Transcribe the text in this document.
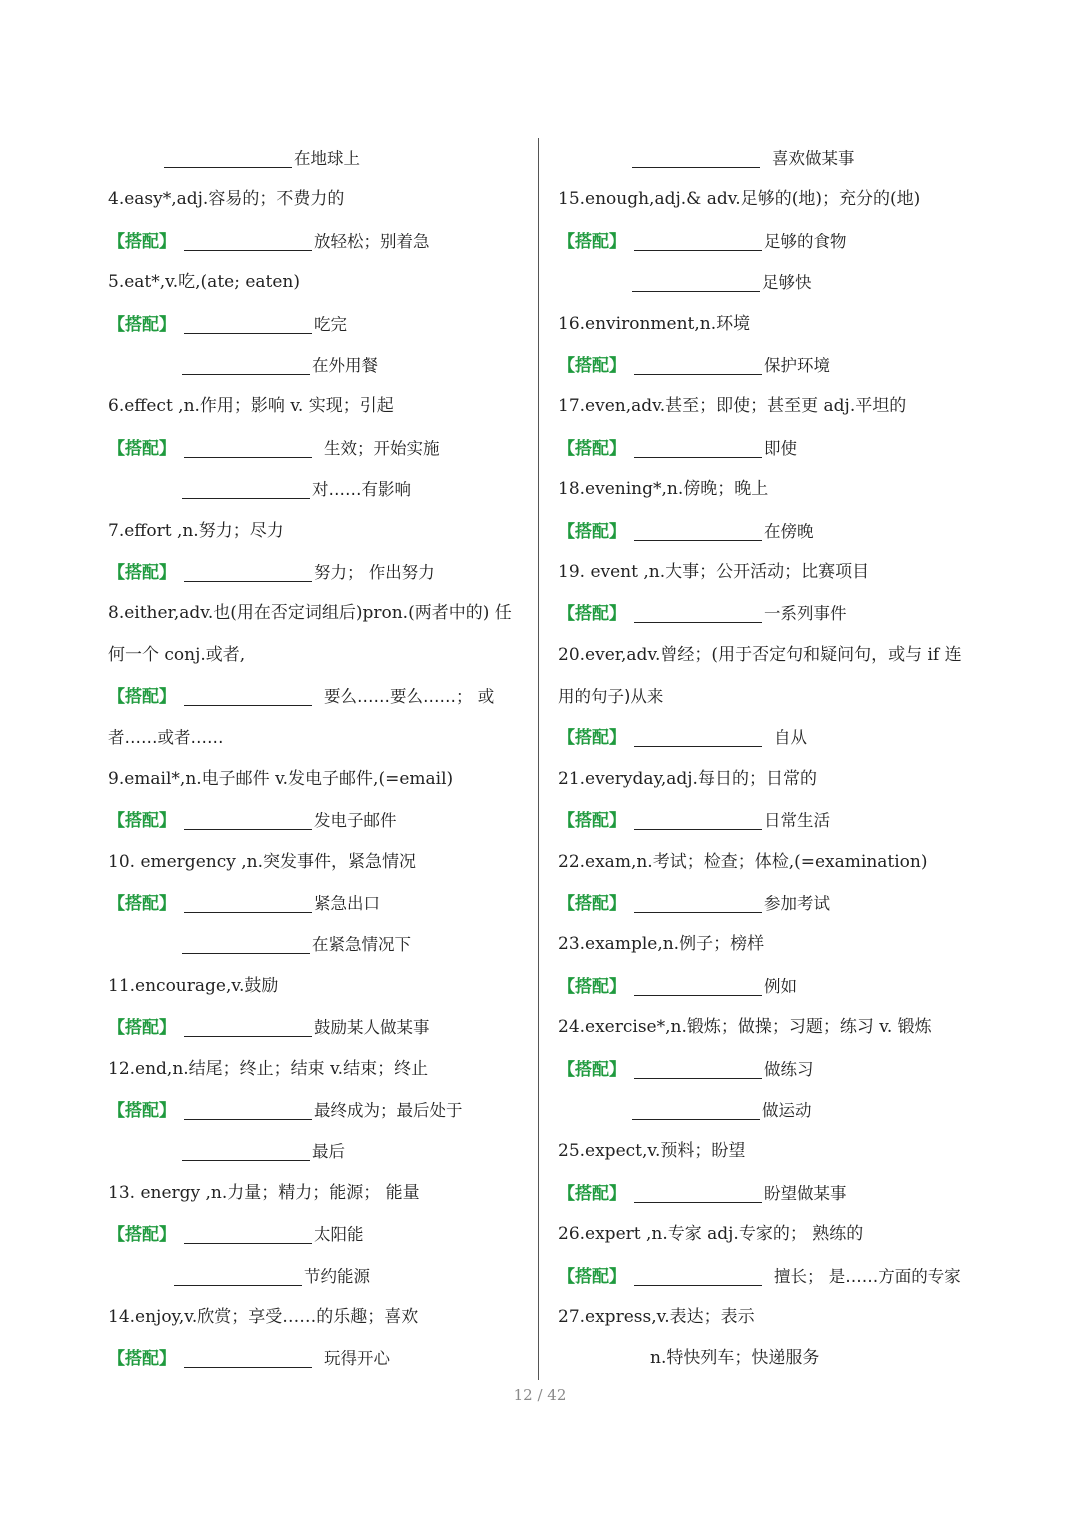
在地球上
4.easy*,adj.容易的；不费力的
【搭配】	放轻松；别着急
5.eat*,v.吃,(ate; eaten)
【搭配】	吃完
在外用餐
6.effect ,n.作用；影响 v. 实现；引起
【搭配】	生效；开始实施
对……有影响
7.effort ,n.努力；尽力
【搭配】	努力； 作出努力
8.either,adv.也(用在否定词组后)pron.(两者中的) 任
何一个 conj.或者,
【搭配】	要么……要么……； 或
者……或者……
9.email*,n.电子邮件 v.发电子邮件,(=email)
【搭配】	发电子邮件
10. emergency ,n.突发事件，紧急情况
【搭配】	紧急出口
在紧急情况下
11.encourage,v.鼓励
【搭配】	鼓励某人做某事
12.end,n.结尾；终止；结束 v.结束；终止
【搭配】	最终成为；最后处于
最后
13. energy ,n.力量；精力；能源； 能量
【搭配】	太阳能
节约能源
14.enjoy,v.欣赏；享受……的乐趣；喜欢
【搭配】	玩得开心
喜欢做某事
15.enough,adj.& adv.足够的(地)；充分的(地)
【搭配】	足够的食物
足够快
16.environment,n.环境
【搭配】	保护环境
17.even,adv.甚至；即使；甚至更 adj.平坦的
【搭配】	即使
18.evening*,n.傍晚；晚上
【搭配】	在傍晚
19. event ,n.大事；公开活动；比赛项目
【搭配】	一系列事件
20.ever,adv.曾经；(用于否定句和疑问句，或与 if 连
用的句子)从来
【搭配】	自从
21.everyday,adj.每日的；日常的
【搭配】	日常生活
22.exam,n.考试；检查；体检,(=examination)
【搭配】	参加考试
23.example,n.例子；榜样
【搭配】	例如
24.exercise*,n.锻炼；做操；习题；练习 v. 锻炼
【搭配】	做练习
做运动
25.expect,v.预料；盼望
【搭配】	盼望做某事
26.expert ,n.专家 adj.专家的； 熟练的
【搭配】	擅长； 是……方面的专家
27.express,v.表达；表示
n.特快列车；快递服务
12 / 42
